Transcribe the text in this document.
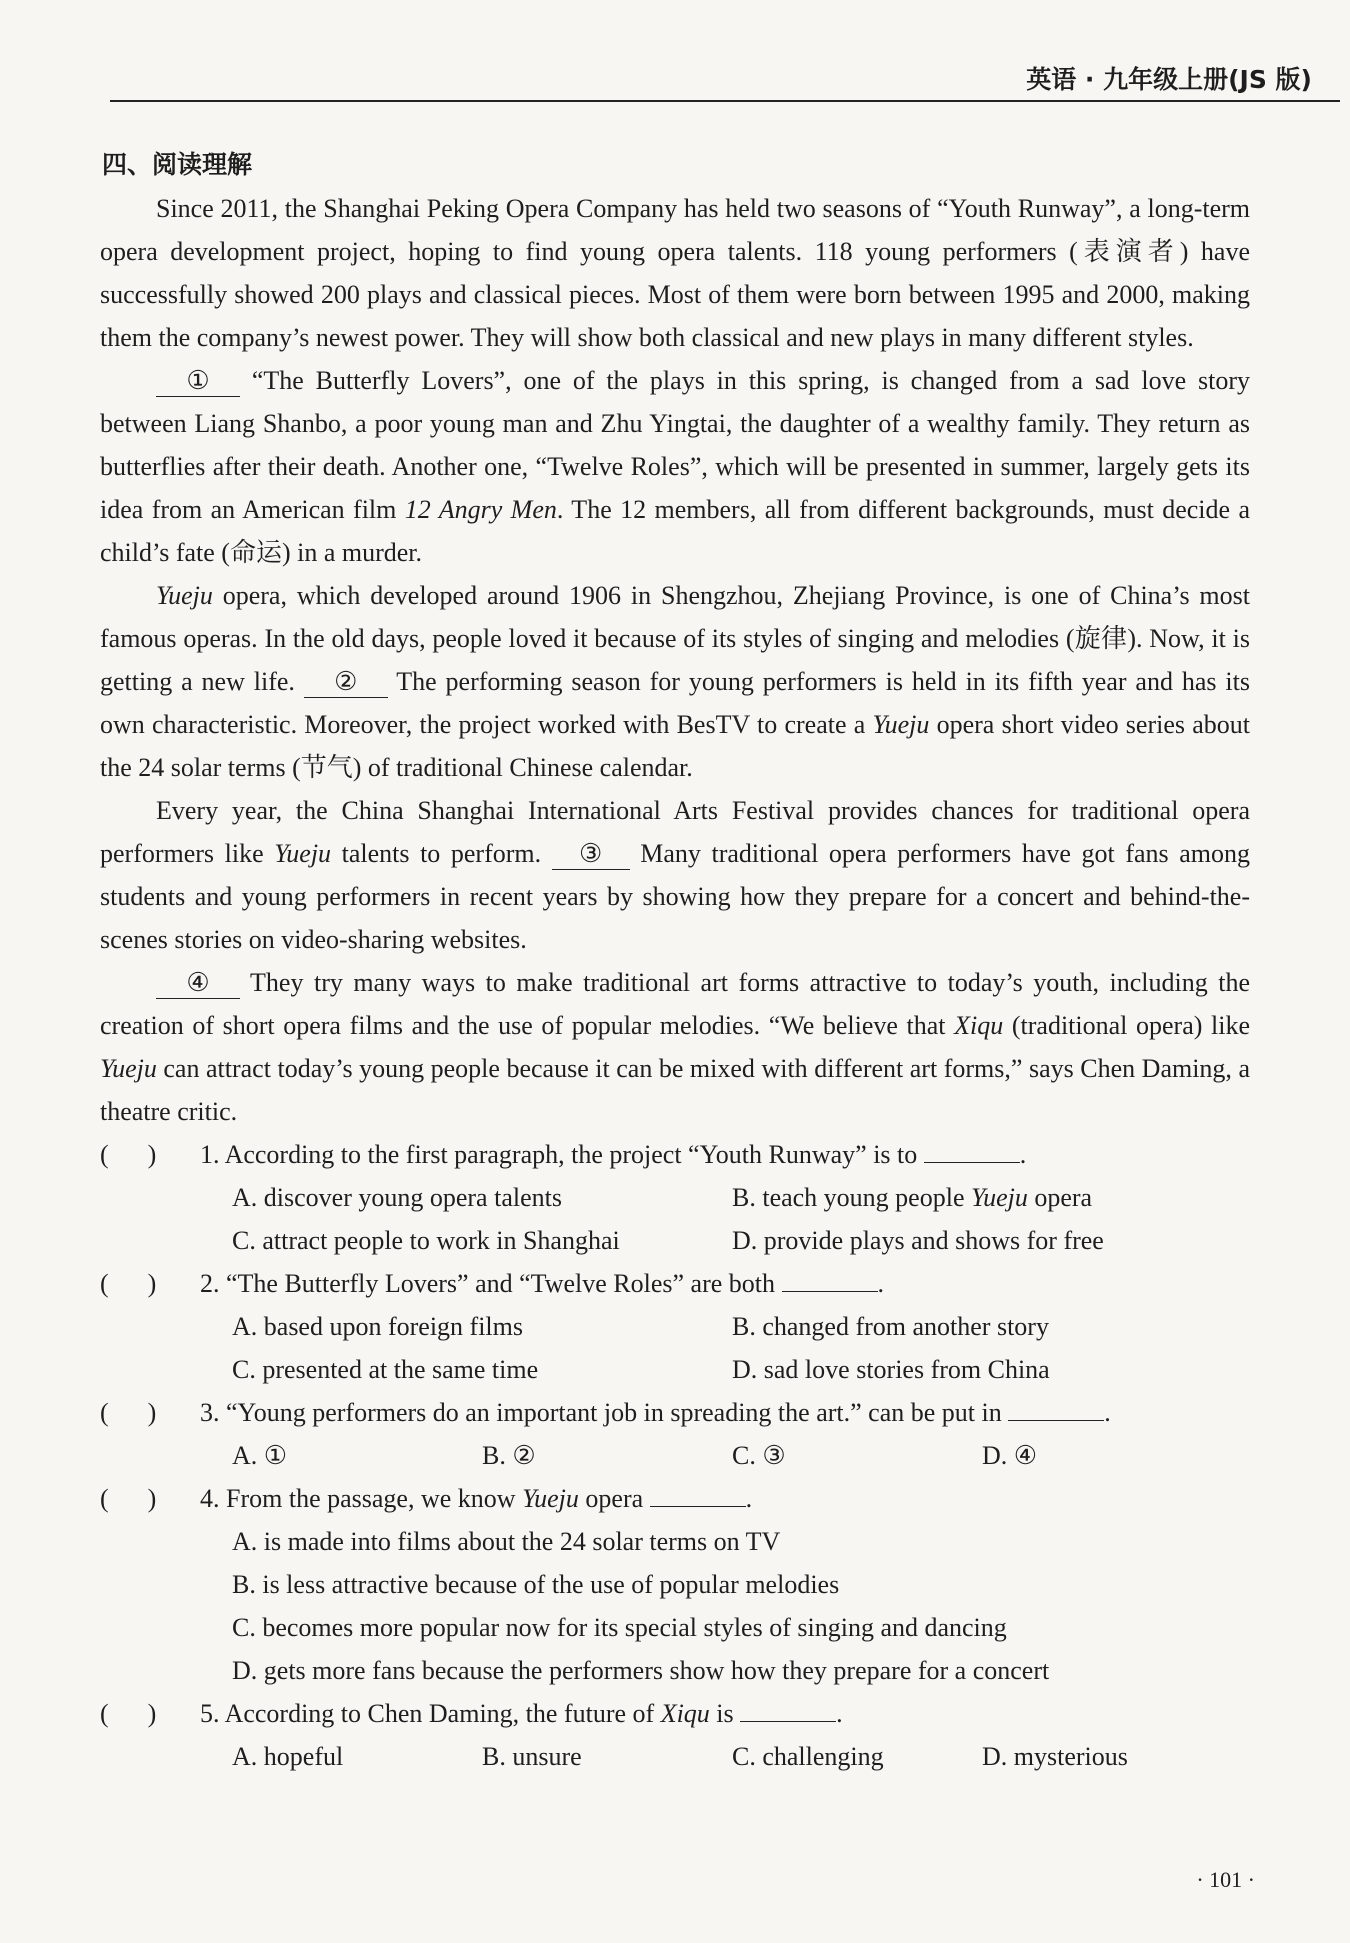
英语 · 九年级上册(JS 版)
四、阅读理解

Since 2011, the Shanghai Peking Opera Company has held two seasons of “Youth Runway”, a long-term opera development project, hoping to find young opera talents. 118 young performers (表演者) have successfully showed 200 plays and classical pieces. Most of them were born between 1995 and 2000, making them the company’s newest power. They will show both classical and new plays in many different styles.

① “The Butterfly Lovers”, one of the plays in this spring, is changed from a sad love story between Liang Shanbo, a poor young man and Zhu Yingtai, the daughter of a wealthy family. They return as butterflies after their death. Another one, “Twelve Roles”, which will be presented in summer, largely gets its idea from an American film 12 Angry Men. The 12 members, all from different backgrounds, must decide a child’s fate (命运) in a murder.

Yueju opera, which developed around 1906 in Shengzhou, Zhejiang Province, is one of China’s most famous operas. In the old days, people loved it because of its styles of singing and melodies (旋律). Now, it is getting a new life. ② The performing season for young performers is held in its fifth year and has its own characteristic. Moreover, the project worked with BesTV to create a Yueju opera short video series about the 24 solar terms (节气) of traditional Chinese calendar.

Every year, the China Shanghai International Arts Festival provides chances for traditional opera performers like Yueju talents to perform. ③ Many traditional opera performers have got fans among students and young performers in recent years by showing how they prepare for a concert and behind-the-scenes stories on video-sharing websites.

④ They try many ways to make traditional art forms attractive to today’s youth, including the creation of short opera films and the use of popular melodies. “We believe that Xiqu (traditional opera) like Yueju can attract today’s young people because it can be mixed with different art forms,” says Chen Daming, a theatre critic.

(      )	1. According to the first paragraph, the project “Youth Runway” is to	.
A. discover young opera talents	B. teach young people Yueju opera
C. attract people to work in Shanghai	D. provide plays and shows for free
(      )	2. “The Butterfly Lovers” and “Twelve Roles” are both	.
A. based upon foreign films	B. changed from another story
C. presented at the same time	D. sad love stories from China
(      )	3. “Young performers do an important job in spreading the art.” can be put in	.
A. ①	B. ②	C. ③	D. ④
(      )	4. From the passage, we know Yueju opera	.
A. is made into films about the 24 solar terms on TV
B. is less attractive because of the use of popular melodies
C. becomes more popular now for its special styles of singing and dancing
D. gets more fans because the performers show how they prepare for a concert
(      )	5. According to Chen Daming, the future of Xiqu is	.
A. hopeful	B. unsure	C. challenging	D. mysterious
· 101 ·
